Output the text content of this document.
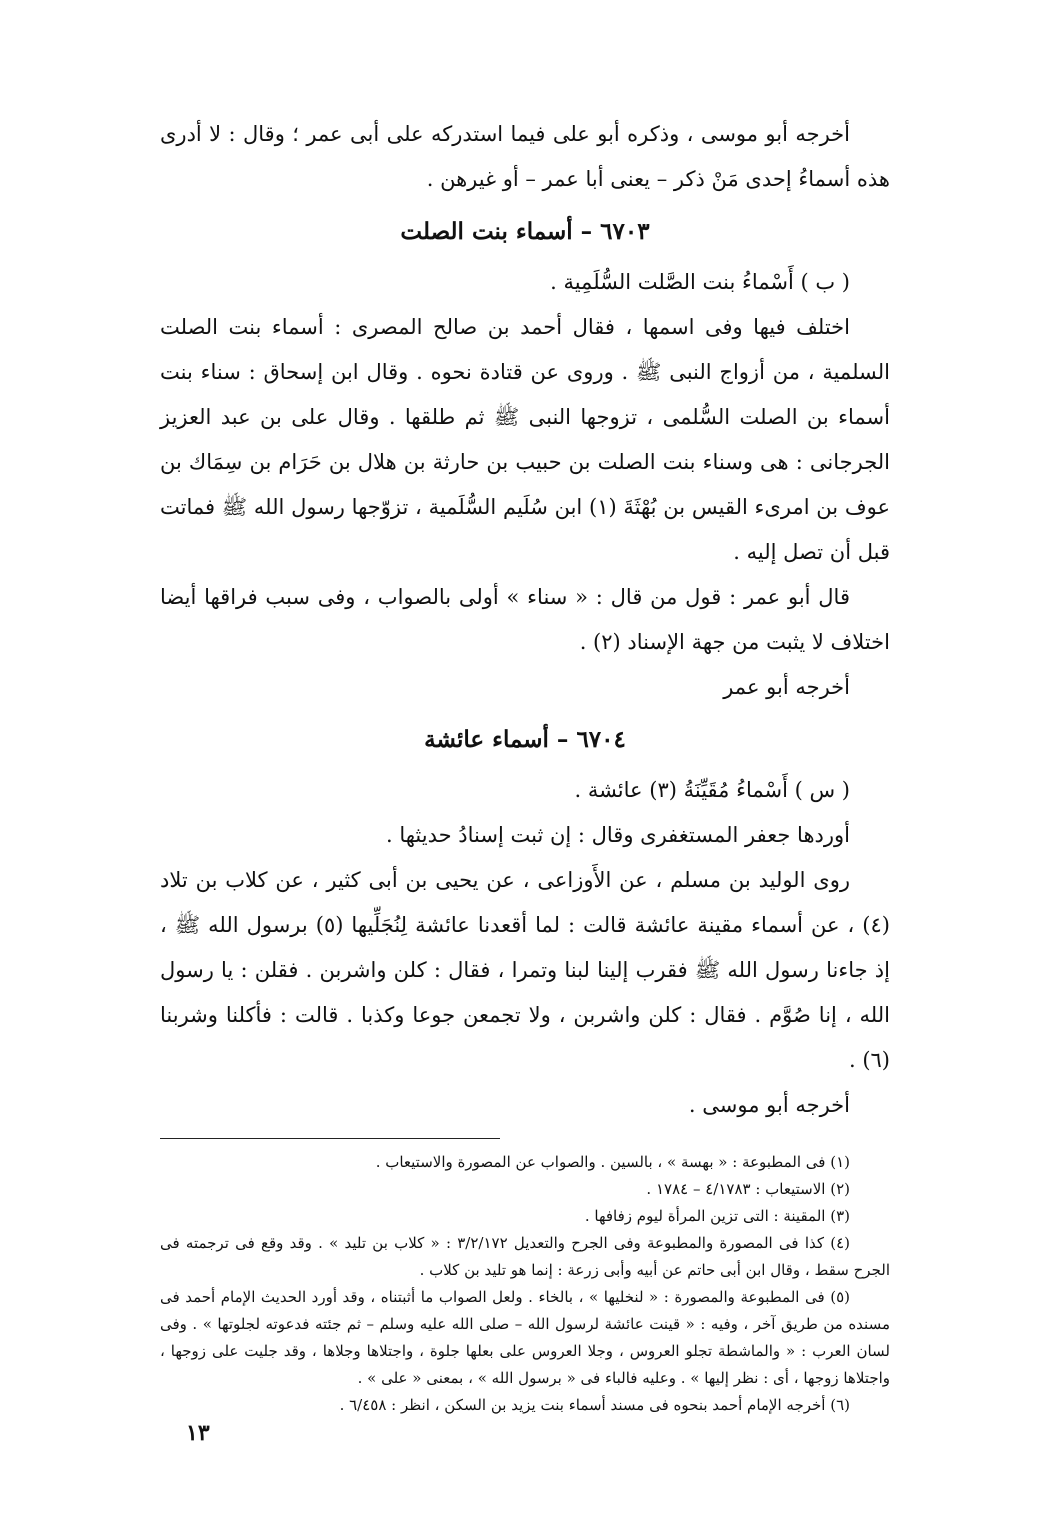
أخرجه أبو موسى ، وذكره أبو على فيما استدركه على أبى عمر ؛ وقال : لا أدرى هذه أسماءُ إحدى مَنْ ذكر – يعنى أبا عمر – أو غيرهن .

٦٧٠٣ – أسماء بنت الصلت

( ب ) أَسْماءُ بنت الصَّلت السُّلَمِية .

اختلف فيها وفى اسمها ، فقال أحمد بن صالح المصرى : أسماء بنت الصلت السلمية ، من أزواج النبى ﷺ . وروى عن قتادة نحوه . وقال ابن إسحاق : سناء بنت أسماء بن الصلت السُّلمى ، تزوجها النبى ﷺ ثم طلقها . وقال على بن عبد العزيز الجرجانى : هى وسناء بنت الصلت بن حبيب بن حارثة بن هلال بن حَرَام بن سِمَاك بن عوف بن امرىء القيس بن بُهْثَةَ (١) ابن سُلَيم السُّلَمية ، تزوّجها رسول الله ﷺ فماتت قبل أن تصل إليه .

قال أبو عمر : قول من قال : « سناء » أولى بالصواب ، وفى سبب فراقها أيضا اختلاف لا يثبت من جهة الإسناد (٢) .

أخرجه أبو عمر

٦٧٠٤ – أسماء عائشة

( س ) أَسْماءُ مُقَيِّنَةُ (٣) عائشة .

أوردها جعفر المستغفرى وقال : إن ثبت إسنادُ حديثها .

روى الوليد بن مسلم ، عن الأَوزاعى ، عن يحيى بن أبى كثير ، عن كلاب بن تلاد (٤) ، عن أسماء مقينة عائشة قالت : لما أقعدنا عائشة لِنُجَلِّيها (٥) برسول الله ﷺ ، إذ جاءنا رسول الله ﷺ فقرب إلينا لبنا وتمرا ، فقال : كلن واشربن . فقلن : يا رسول الله ، إنا صُوَّم . فقال : كلن واشربن ، ولا تجمعن جوعا وكذبا . قالت : فأكلنا وشربنا (٦) .

أخرجه أبو موسى .

(١) فى المطبوعة : « بهسة » ، بالسين . والصواب عن المصورة والاستيعاب .

(٢) الاستيعاب : ٤/١٧٨٣ – ١٧٨٤ .

(٣) المقينة : التى تزين المرأة ليوم زفافها .

(٤) كذا فى المصورة والمطبوعة وفى الجرح والتعديل ٣/٢/١٧٢ : « كلاب بن تليد » . وقد وقع فى ترجمته فى الجرح سقط ، وقال ابن أبى حاتم عن أبيه وأبى زرعة : إنما هو تليد بن كلاب .

(٥) فى المطبوعة والمصورة : « لنخليها » ، بالخاء . ولعل الصواب ما أثبتناه ، وقد أورد الحديث الإمام أحمد فى مسنده من طريق آخر ، وفيه : « قينت عائشة لرسول الله – صلى الله عليه وسلم – ثم جئته فدعوته لجلوتها » . وفى لسان العرب : « والماشطة تجلو العروس ، وجلا العروس على بعلها جلوة ، واجتلاها وجلاها ، وقد جليت على زوجها ، واجتلاها زوجها ، أى : نظر إليها » . وعليه فالباء فى « برسول الله » ، بمعنى « على » .

(٦) أخرجه الإمام أحمد بنحوه فى مسند أسماء بنت يزيد بن السكن ، انظر : ٦/٤٥٨ .

١٣
